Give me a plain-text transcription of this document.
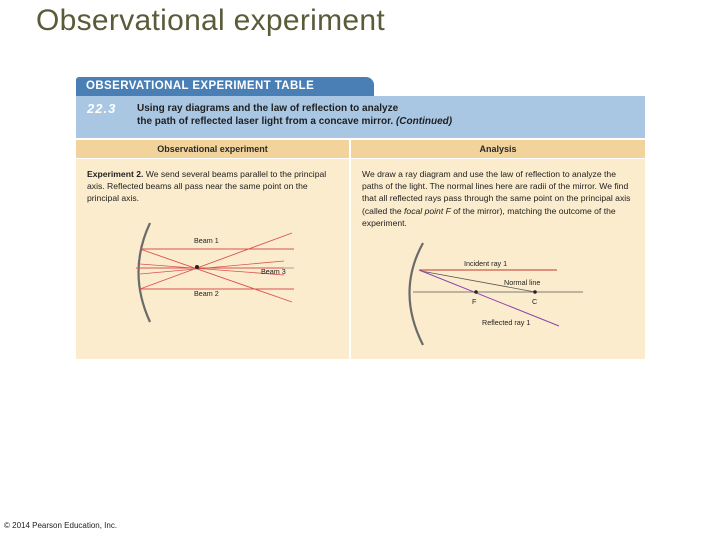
Observational experiment
OBSERVATIONAL EXPERIMENT TABLE
22.3 Using ray diagrams and the law of reflection to analyze
the path of reflected laser light from a concave mirror. (Continued)
Observational experiment	Analysis
Experiment 2. We send several beams parallel to the principal axis. Reflected beams all pass near the same point on the principal axis.
Beam 1
Beam 3
Beam 2
We draw a ray diagram and use the law of reflection to analyze the paths of the light. The normal lines here are radii of the mirror. We find that all reflected rays pass through the same point on the principal axis (called the focal point F of the mirror), matching the outcome of the experiment.
Incident ray 1
Normal line
F	C
Reflected ray 1
© 2014 Pearson Education, Inc.
